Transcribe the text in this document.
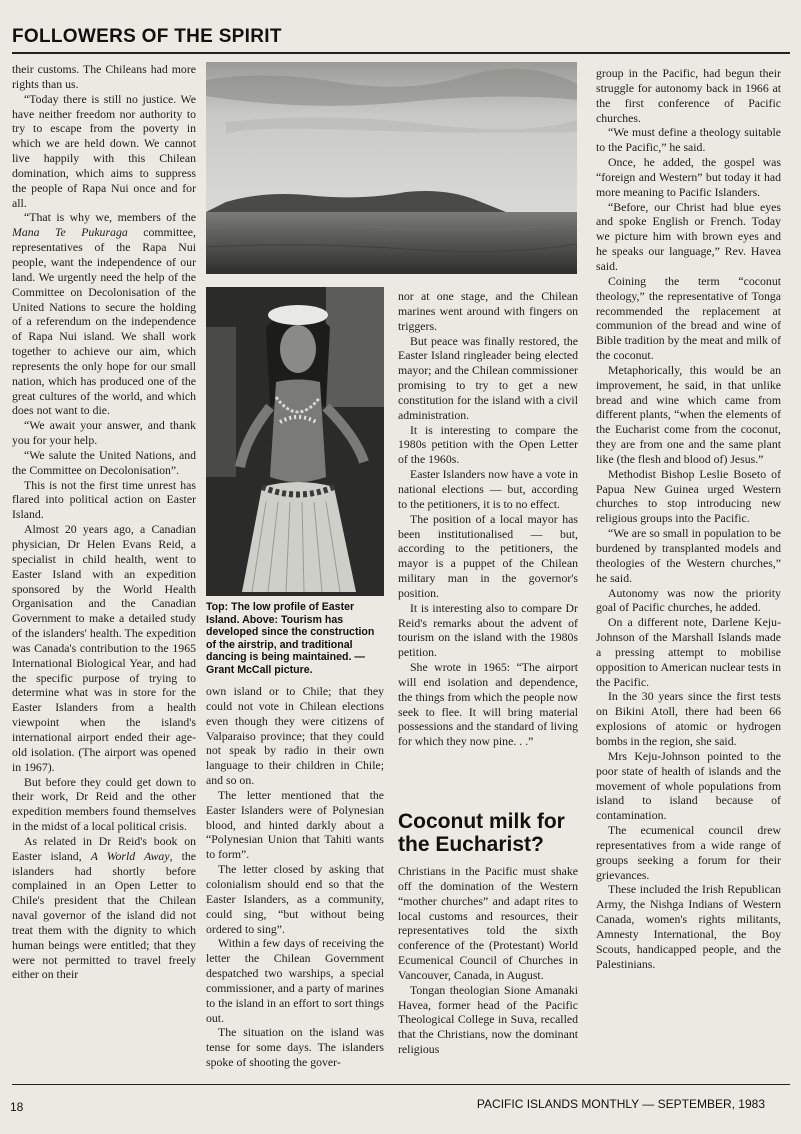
FOLLOWERS OF THE SPIRIT

their customs. The Chileans had more rights than us.

“Today there is still no justice. We have neither freedom nor authority to try to escape from the poverty in which we are held down. We cannot live happily with this Chilean domination, which aims to suppress the people of Rapa Nui once and for all.

“That is why we, members of the Mana Te Pukuraga committee, representatives of the Rapa Nui people, want the independence of our land. We urgently need the help of the Committee on Decolonisation of the United Nations to secure the holding of a referendum on the independence of Rapa Nui island. We shall work together to achieve our aim, which represents the only hope for our small nation, which has produced one of the great cultures of the world, and which does not want to die.

“We await your answer, and thank you for your help.

“We salute the United Nations, and the Committee on Decolonisation”.

This is not the first time unrest has flared into political action on Easter Island.

Almost 20 years ago, a Canadian physician, Dr Helen Evans Reid, a specialist in child health, went to Easter Island with an expedition sponsored by the World Health Organisation and the Canadian Government to make a detailed study of the islanders' health. The expedition was Canada's contribution to the 1965 International Biological Year, and had the specific purpose of trying to determine what was in store for the Easter Islanders from a health viewpoint when the island's international airport ended their age-old isolation. (The airport was opened in 1967).

But before they could get down to their work, Dr Reid and the other expedition members found themselves in the midst of a local political crisis.

As related in Dr Reid's book on Easter island, A World Away, the islanders had shortly before complained in an Open Letter to Chile's president that the Chilean naval governor of the island did not treat them with the dignity to which human beings were entitled; that they were not permitted to travel freely either on their

Top: The low profile of Easter Island. Above: Tourism has developed since the construction of the airstrip, and traditional dancing is being maintained. — Grant McCall picture.

own island or to Chile; that they could not vote in Chilean elections even though they were citizens of Valparaiso province; that they could not speak by radio in their own language to their children in Chile; and so on.

The letter mentioned that the Easter Islanders were of Polynesian blood, and hinted darkly about a “Polynesian Union that Tahiti wants to form”.

The letter closed by asking that colonialism should end so that the Easter Islanders, as a community, could sing, “but without being ordered to sing”.

Within a few days of receiving the letter the Chilean Government despatched two warships, a special commissioner, and a party of marines to the island in an effort to sort things out.

The situation on the island was tense for some days. The islanders spoke of shooting the gover-

nor at one stage, and the Chilean marines went around with fingers on triggers.

But peace was finally restored, the Easter Island ringleader being elected mayor; and the Chilean commissioner promising to try to get a new constitution for the island with a civil administration.

It is interesting to compare the 1980s petition with the Open Letter of the 1960s.

Easter Islanders now have a vote in national elections — but, according to the petitioners, it is to no effect.

The position of a local mayor has been institutionalised — but, according to the petitioners, the mayor is a puppet of the Chilean military man in the governor's position.

It is interesting also to compare Dr Reid's remarks about the advent of tourism on the island with the 1980s petition.

She wrote in 1965: “The airport will end isolation and dependence, the things from which the people now seek to flee. It will bring material possessions and the standard of living for which they now pine. . .”

Coconut milk for the Eucharist?

Christians in the Pacific must shake off the domination of the Western “mother churches” and adapt rites to local customs and resources, their representatives told the sixth conference of the (Protestant) World Ecumenical Council of Churches in Vancouver, Canada, in August.

Tongan theologian Sione Amanaki Havea, former head of the Pacific Theological College in Suva, recalled that the Christians, now the dominant religious

group in the Pacific, had begun their struggle for autonomy back in 1966 at the first conference of Pacific churches.

“We must define a theology suitable to the Pacific,” he said.

Once, he added, the gospel was “foreign and Western” but today it had more meaning to Pacific Islanders.

“Before, our Christ had blue eyes and spoke English or French. Today we picture him with brown eyes and he speaks our language,” Rev. Havea said.

Coining the term “coconut theology,” the representative of Tonga recommended the replacement at communion of the bread and wine of Bible tradition by the meat and milk of the coconut.

Metaphorically, this would be an improvement, he said, in that unlike bread and wine which came from different plants, “when the elements of the Eucharist come from the coconut, they are from one and the same plant like (the flesh and blood of) Jesus.”

Methodist Bishop Leslie Boseto of Papua New Guinea urged Western churches to stop introducing new religious groups into the Pacific.

“We are so small in population to be burdened by transplanted models and theologies of the Western churches,” he said.

Autonomy was now the priority goal of Pacific churches, he added.

On a different note, Darlene Keju-Johnson of the Marshall Islands made a pressing attempt to mobilise opposition to American nuclear tests in the Pacific.

In the 30 years since the first tests on Bikini Atoll, there had been 66 explosions of atomic or hydrogen bombs in the region, she said.

Mrs Keju-Johnson pointed to the poor state of health of islands and the movement of whole populations from island to island because of contamination.

The ecumenical council drew representatives from a wide range of groups seeking a forum for their grievances.

These included the Irish Republican Army, the Nishga Indians of Western Canada, women's rights militants, Amnesty International, the Boy Scouts, handicapped people, and the Palestinians.

18	PACIFIC ISLANDS MONTHLY — SEPTEMBER, 1983
